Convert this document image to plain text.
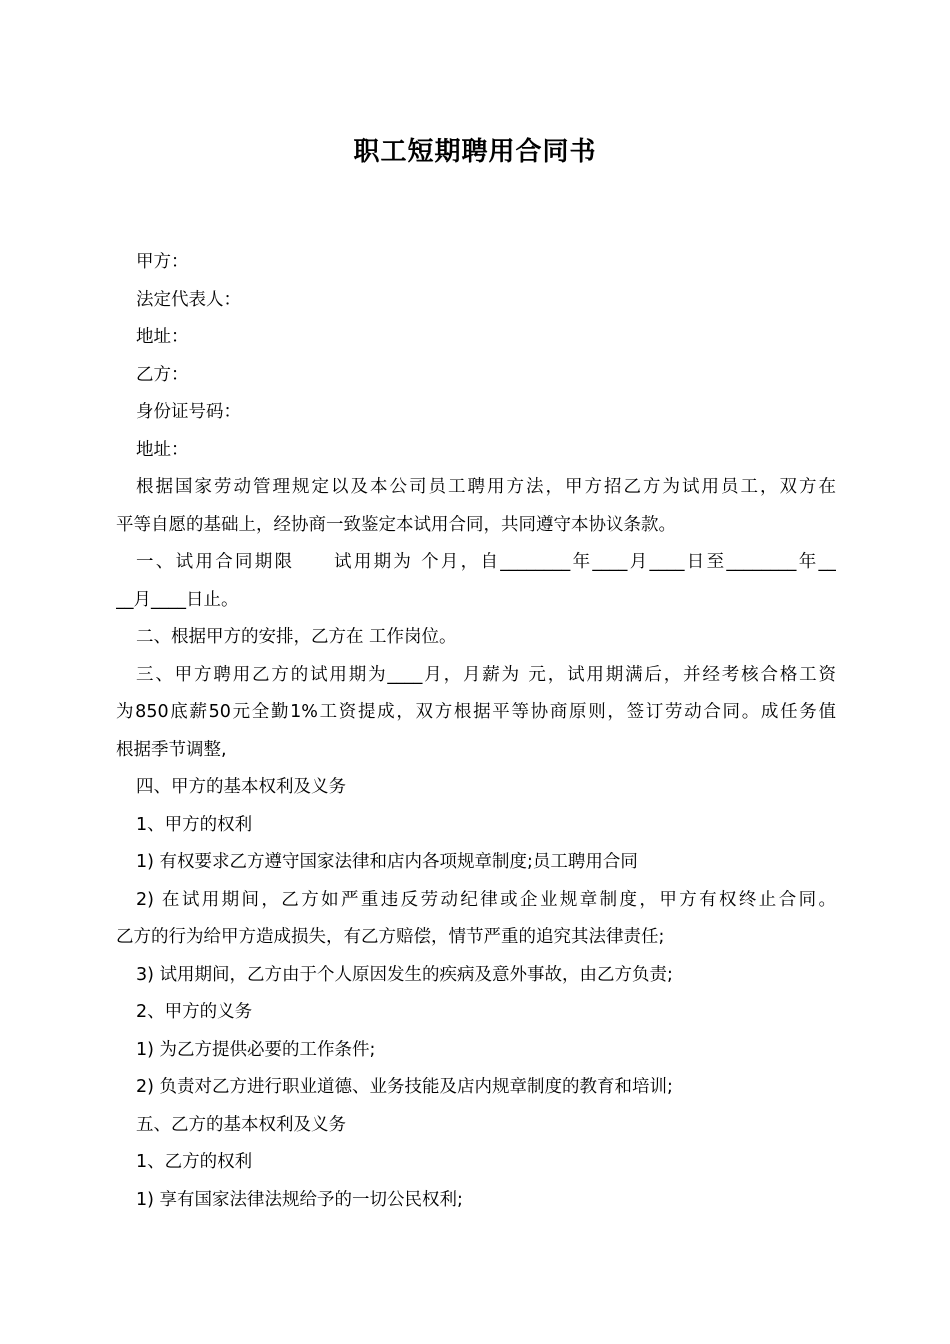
职工短期聘用合同书
甲方：
法定代表人：
地址：
乙方：
身份证号码：
地址：
根据国家劳动管理规定以及本公司员工聘用方法，甲方招乙方为试用员工，双方在
平等自愿的基础上，经协商一致鉴定本试用合同，共同遵守本协议条款。
一、试用合同期限　　试用期为 个月，自________年____月____日至________年__
__月____日止。
二、根据甲方的安排，乙方在 工作岗位。
三、甲方聘用乙方的试用期为____月，月薪为 元，试用期满后，并经考核合格工资
为850底薪50元全勤1%工资提成，双方根据平等协商原则，签订劳动合同。成任务值
根据季节调整,
四、甲方的基本权利及义务
1、甲方的权利
1) 有权要求乙方遵守国家法律和店内各项规章制度;员工聘用合同
2) 在试用期间，乙方如严重违反劳动纪律或企业规章制度，甲方有权终止合同。
乙方的行为给甲方造成损失，有乙方赔偿，情节严重的追究其法律责任;
3) 试用期间，乙方由于个人原因发生的疾病及意外事故，由乙方负责;
2、甲方的义务
1) 为乙方提供必要的工作条件;
2) 负责对乙方进行职业道德、业务技能及店内规章制度的教育和培训;
五、乙方的基本权利及义务
1、乙方的权利
1) 享有国家法律法规给予的一切公民权利;
